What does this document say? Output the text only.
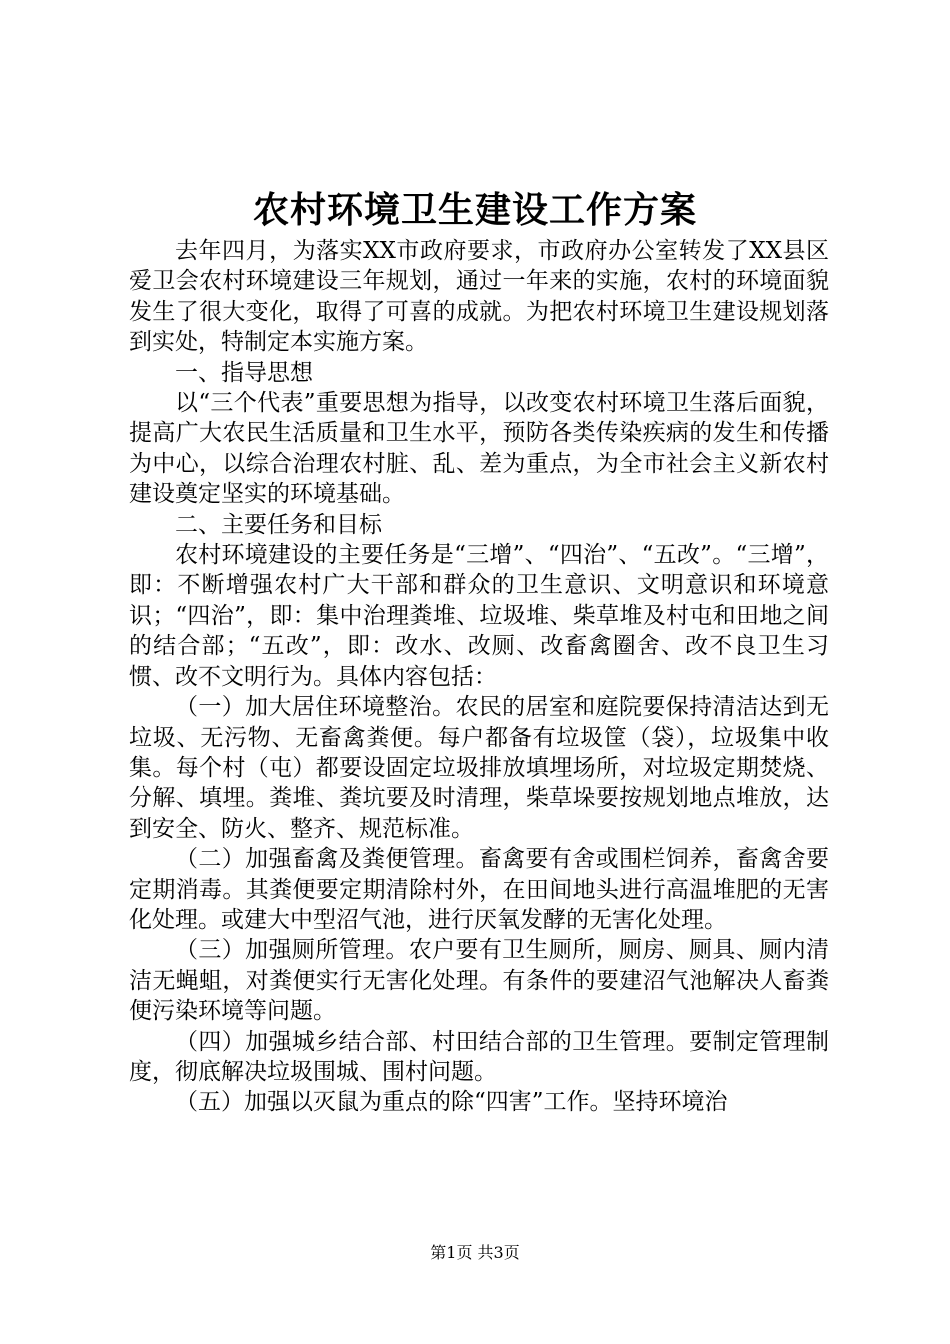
农村环境卫生建设工作方案

去年四月，为落实XX市政府要求，市政府办公室转发了XX县区爱卫会农村环境建设三年规划，通过一年来的实施，农村的环境面貌发生了很大变化，取得了可喜的成就。为把农村环境卫生建设规划落到实处，特制定本实施方案。

一、指导思想

以“三个代表”重要思想为指导，以改变农村环境卫生落后面貌，提高广大农民生活质量和卫生水平，预防各类传染疾病的发生和传播为中心，以综合治理农村脏、乱、差为重点，为全市社会主义新农村建设奠定坚实的环境基础。

二、主要任务和目标

农村环境建设的主要任务是“三增”、“四治”、“五改”。“三增”，即：不断增强农村广大干部和群众的卫生意识、文明意识和环境意识；“四治”，即：集中治理粪堆、垃圾堆、柴草堆及村屯和田地之间的结合部；“五改”，即：改水、改厕、改畜禽圈舍、改不良卫生习惯、改不文明行为。具体内容包括：

（一）加大居住环境整治。农民的居室和庭院要保持清洁达到无垃圾、无污物、无畜禽粪便。每户都备有垃圾筐（袋），垃圾集中收集。每个村（屯）都要设固定垃圾排放填埋场所，对垃圾定期焚烧、分解、填埋。粪堆、粪坑要及时清理，柴草垛要按规划地点堆放，达到安全、防火、整齐、规范标准。

（二）加强畜禽及粪便管理。畜禽要有舍或围栏饲养，畜禽舍要定期消毒。其粪便要定期清除村外，在田间地头进行高温堆肥的无害化处理。或建大中型沼气池，进行厌氧发酵的无害化处理。

（三）加强厕所管理。农户要有卫生厕所，厕房、厕具、厕内清洁无蝇蛆，对粪便实行无害化处理。有条件的要建沼气池解决人畜粪便污染环境等问题。

（四）加强城乡结合部、村田结合部的卫生管理。要制定管理制度，彻底解决垃圾围城、围村问题。

（五）加强以灭鼠为重点的除“四害”工作。坚持环境治

第1页 共3页
